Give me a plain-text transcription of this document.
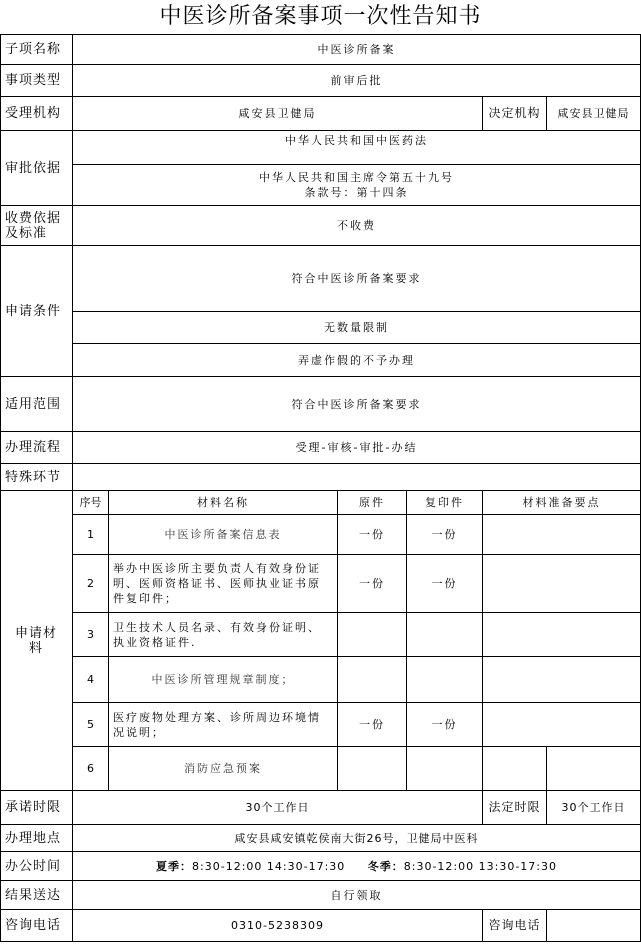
中医诊所备案事项一次性告知书
子项名称	中医诊所备案					
事项类型	前审后批					
受理机构	咸安县卫健局				决定机构	咸安县卫健局
审批依据	中华人民共和国中医药法					

	中华人民共和国主席令第五十九号
条款号：第十四条					

收费依据
及标准	不收费					
申请条件	符合中医诊所备案要求					
	无数量限制					
	弄虚作假的不予办理					
适用范围	符合中医诊所备案要求					
办理流程	受理-审核-审批-办结					
特殊环节						

申请材
料	序号	材料名称	原件	复印件	材料准备要点	
	1	中医诊所备案信息表	一份	一份		
	2	举办中医诊所主要负责人有效身份证明、医师资格证书、医师执业证书原件复印件；	一份	一份		
	3	卫生技术人员名录、有效身份证明、执业资格证件.				
	4	中医诊所管理规章制度；				
	5	医疗废物处理方案、诊所周边环境情况说明；	一份	一份		
	6	消防应急预案				
承诺时限	30个工作日				法定时限	30个工作日
办理地点	咸安县咸安镇乾侯南大街26号，卫健局中医科					
办公时间	夏季：8:30-12:00 14:30-17:30 冬季：8:30-12:00 13:30-17:30					
结果送达	自行领取					
咨询电话	0310-5238309				咨询电话	
